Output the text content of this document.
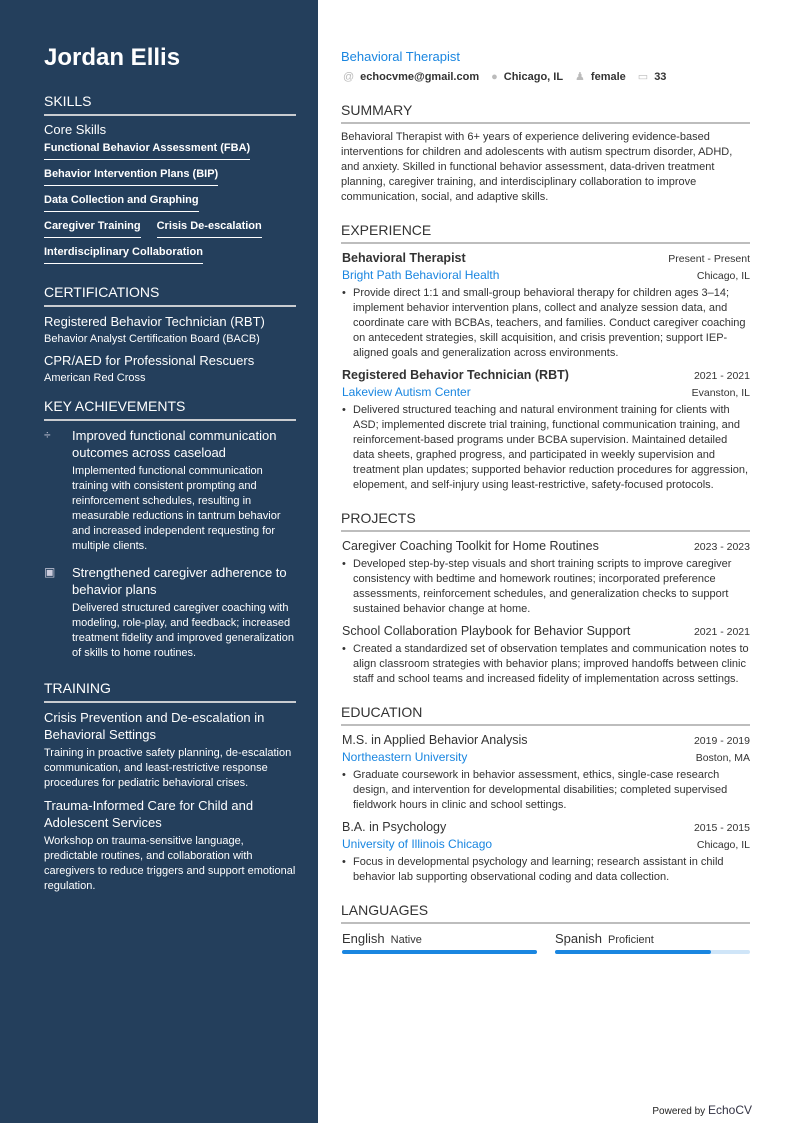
Jordan Ellis
SKILLS
Core Skills
Functional Behavior Assessment (FBA)
Behavior Intervention Plans (BIP)
Data Collection and Graphing
Caregiver Training Crisis De-escalation
Interdisciplinary Collaboration
CERTIFICATIONS
Registered Behavior Technician (RBT)
Behavior Analyst Certification Board (BACB)
CPR/AED for Professional Rescuers
American Red Cross
KEY ACHIEVEMENTS
÷	Improved functional communication outcomes across caseload
Implemented functional communication training with consistent prompting and reinforcement schedules, resulting in measurable reductions in tantrum behavior and increased independent requesting for multiple clients.
▣	Strengthened caregiver adherence to behavior plans
Delivered structured caregiver coaching with modeling, role-play, and feedback; increased treatment fidelity and improved generalization of skills to home routines.
TRAINING
Crisis Prevention and De-escalation in Behavioral Settings
Training in proactive safety planning, de-escalation communication, and least-restrictive response procedures for pediatric behavioral crises.
Trauma-Informed Care for Child and Adolescent Services
Workshop on trauma-sensitive language, predictable routines, and collaboration with caregivers to reduce triggers and support emotional regulation.
Behavioral Therapist
@ echocvme@gmail.com ● Chicago, IL ♟ female ▭ 33
SUMMARY
Behavioral Therapist with 6+ years of experience delivering evidence-based interventions for children and adolescents with autism spectrum disorder, ADHD, and anxiety. Skilled in functional behavior assessment, data-driven treatment planning, caregiver training, and interdisciplinary collaboration to improve communication, social, and adaptive skills.
EXPERIENCE
Behavioral Therapist	Present - Present
Bright Path Behavioral Health	Chicago, IL
• Provide direct 1:1 and small-group behavioral therapy for children ages 3–14; implement behavior intervention plans, collect and analyze session data, and coordinate care with BCBAs, teachers, and families. Conduct caregiver coaching on antecedent strategies, skill acquisition, and crisis prevention; support IEP-aligned goals and generalization across environments.
Registered Behavior Technician (RBT)	2021 - 2021
Lakeview Autism Center	Evanston, IL
• Delivered structured teaching and natural environment training for clients with ASD; implemented discrete trial training, functional communication training, and reinforcement-based programs under BCBA supervision. Maintained detailed data sheets, graphed progress, and participated in weekly supervision and treatment plan updates; supported behavior reduction procedures for aggression, elopement, and self-injury using least-restrictive, safety-focused protocols.
PROJECTS
Caregiver Coaching Toolkit for Home Routines	2023 - 2023
• Developed step-by-step visuals and short training scripts to improve caregiver consistency with bedtime and homework routines; incorporated preference assessments, reinforcement schedules, and generalization checks to support sustained behavior change at home.
School Collaboration Playbook for Behavior Support	2021 - 2021
• Created a standardized set of observation templates and communication notes to align classroom strategies with behavior plans; improved handoffs between clinic staff and school teams and increased fidelity of implementation across settings.
EDUCATION
M.S. in Applied Behavior Analysis	2019 - 2019
Northeastern University	Boston, MA
• Graduate coursework in behavior assessment, ethics, single-case research design, and intervention for developmental disabilities; completed supervised fieldwork hours in clinic and school settings.
B.A. in Psychology	2015 - 2015
University of Illinois Chicago	Chicago, IL
• Focus in developmental psychology and learning; research assistant in child behavior lab supporting observational coding and data collection.
LANGUAGES
English Native	Spanish Proficient
Powered by EchoCV
